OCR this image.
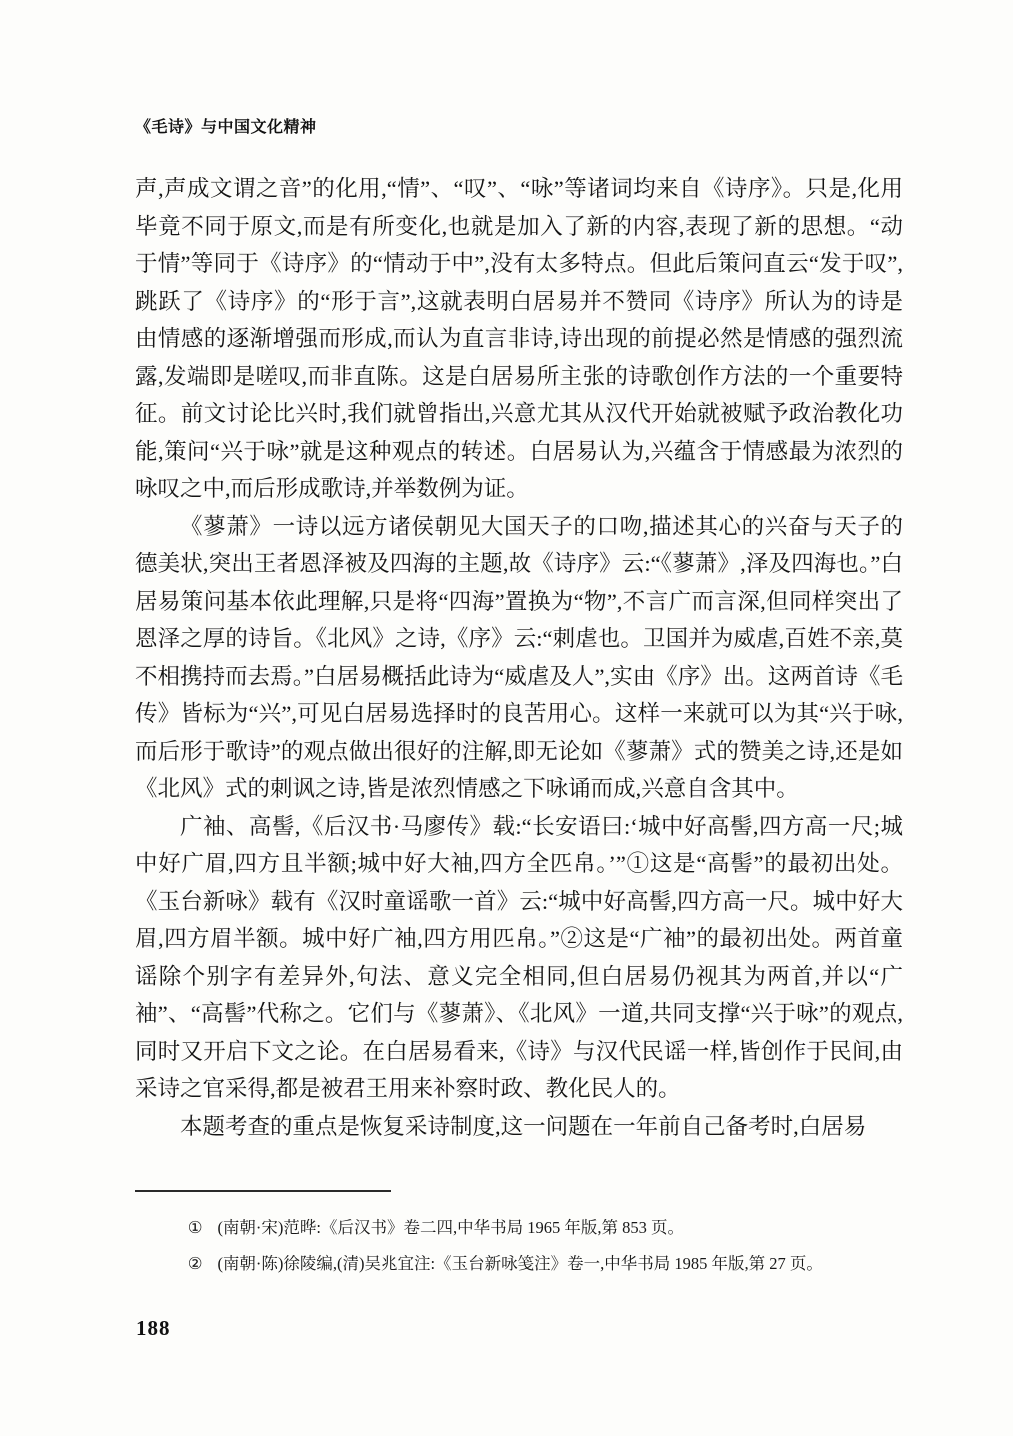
《毛诗》与中国文化精神

声,声成文谓之音”的化用,“情”、“叹”、“咏”等诸词均来自《诗序》。只是,化用毕竟不同于原文,而是有所变化,也就是加入了新的内容,表现了新的思想。“动于情”等同于《诗序》的“情动于中”,没有太多特点。但此后策问直云“发于叹”,跳跃了《诗序》的“形于言”,这就表明白居易并不赞同《诗序》所认为的诗是由情感的逐渐增强而形成,而认为直言非诗,诗出现的前提必然是情感的强烈流露,发端即是嗟叹,而非直陈。这是白居易所主张的诗歌创作方法的一个重要特征。前文讨论比兴时,我们就曾指出,兴意尤其从汉代开始就被赋予政治教化功能,策问“兴于咏”就是这种观点的转述。白居易认为,兴蕴含于情感最为浓烈的咏叹之中,而后形成歌诗,并举数例为证。

《蓼萧》一诗以远方诸侯朝见大国天子的口吻,描述其心的兴奋与天子的德美状,突出王者恩泽被及四海的主题,故《诗序》云:“《蓼萧》,泽及四海也。”白居易策问基本依此理解,只是将“四海”置换为“物”,不言广而言深,但同样突出了恩泽之厚的诗旨。《北风》之诗,《序》云:“刺虐也。卫国并为威虐,百姓不亲,莫不相携持而去焉。”白居易概括此诗为“威虐及人”,实由《序》出。这两首诗《毛传》皆标为“兴”,可见白居易选择时的良苦用心。这样一来就可以为其“兴于咏,而后形于歌诗”的观点做出很好的注解,即无论如《蓼萧》式的赞美之诗,还是如《北风》式的刺讽之诗,皆是浓烈情感之下咏诵而成,兴意自含其中。

广袖、高髻,《后汉书·马廖传》载:“长安语曰:‘城中好高髻,四方高一尺;城中好广眉,四方且半额;城中好大袖,四方全匹帛。’”①这是“高髻”的最初出处。《玉台新咏》载有《汉时童谣歌一首》云:“城中好高髻,四方高一尺。城中好大眉,四方眉半额。城中好广袖,四方用匹帛。”②这是“广袖”的最初出处。两首童谣除个别字有差异外,句法、意义完全相同,但白居易仍视其为两首,并以“广袖”、“高髻”代称之。它们与《蓼萧》、《北风》一道,共同支撑“兴于咏”的观点,同时又开启下文之论。在白居易看来,《诗》与汉代民谣一样,皆创作于民间,由采诗之官采得,都是被君王用来补察时政、教化民人的。

本题考查的重点是恢复采诗制度,这一问题在一年前自己备考时,白居易

① (南朝·宋)范晔:《后汉书》卷二四,中华书局 1965 年版,第 853 页。

② (南朝·陈)徐陵编,(清)吴兆宜注:《玉台新咏笺注》卷一,中华书局 1985 年版,第 27 页。

188
